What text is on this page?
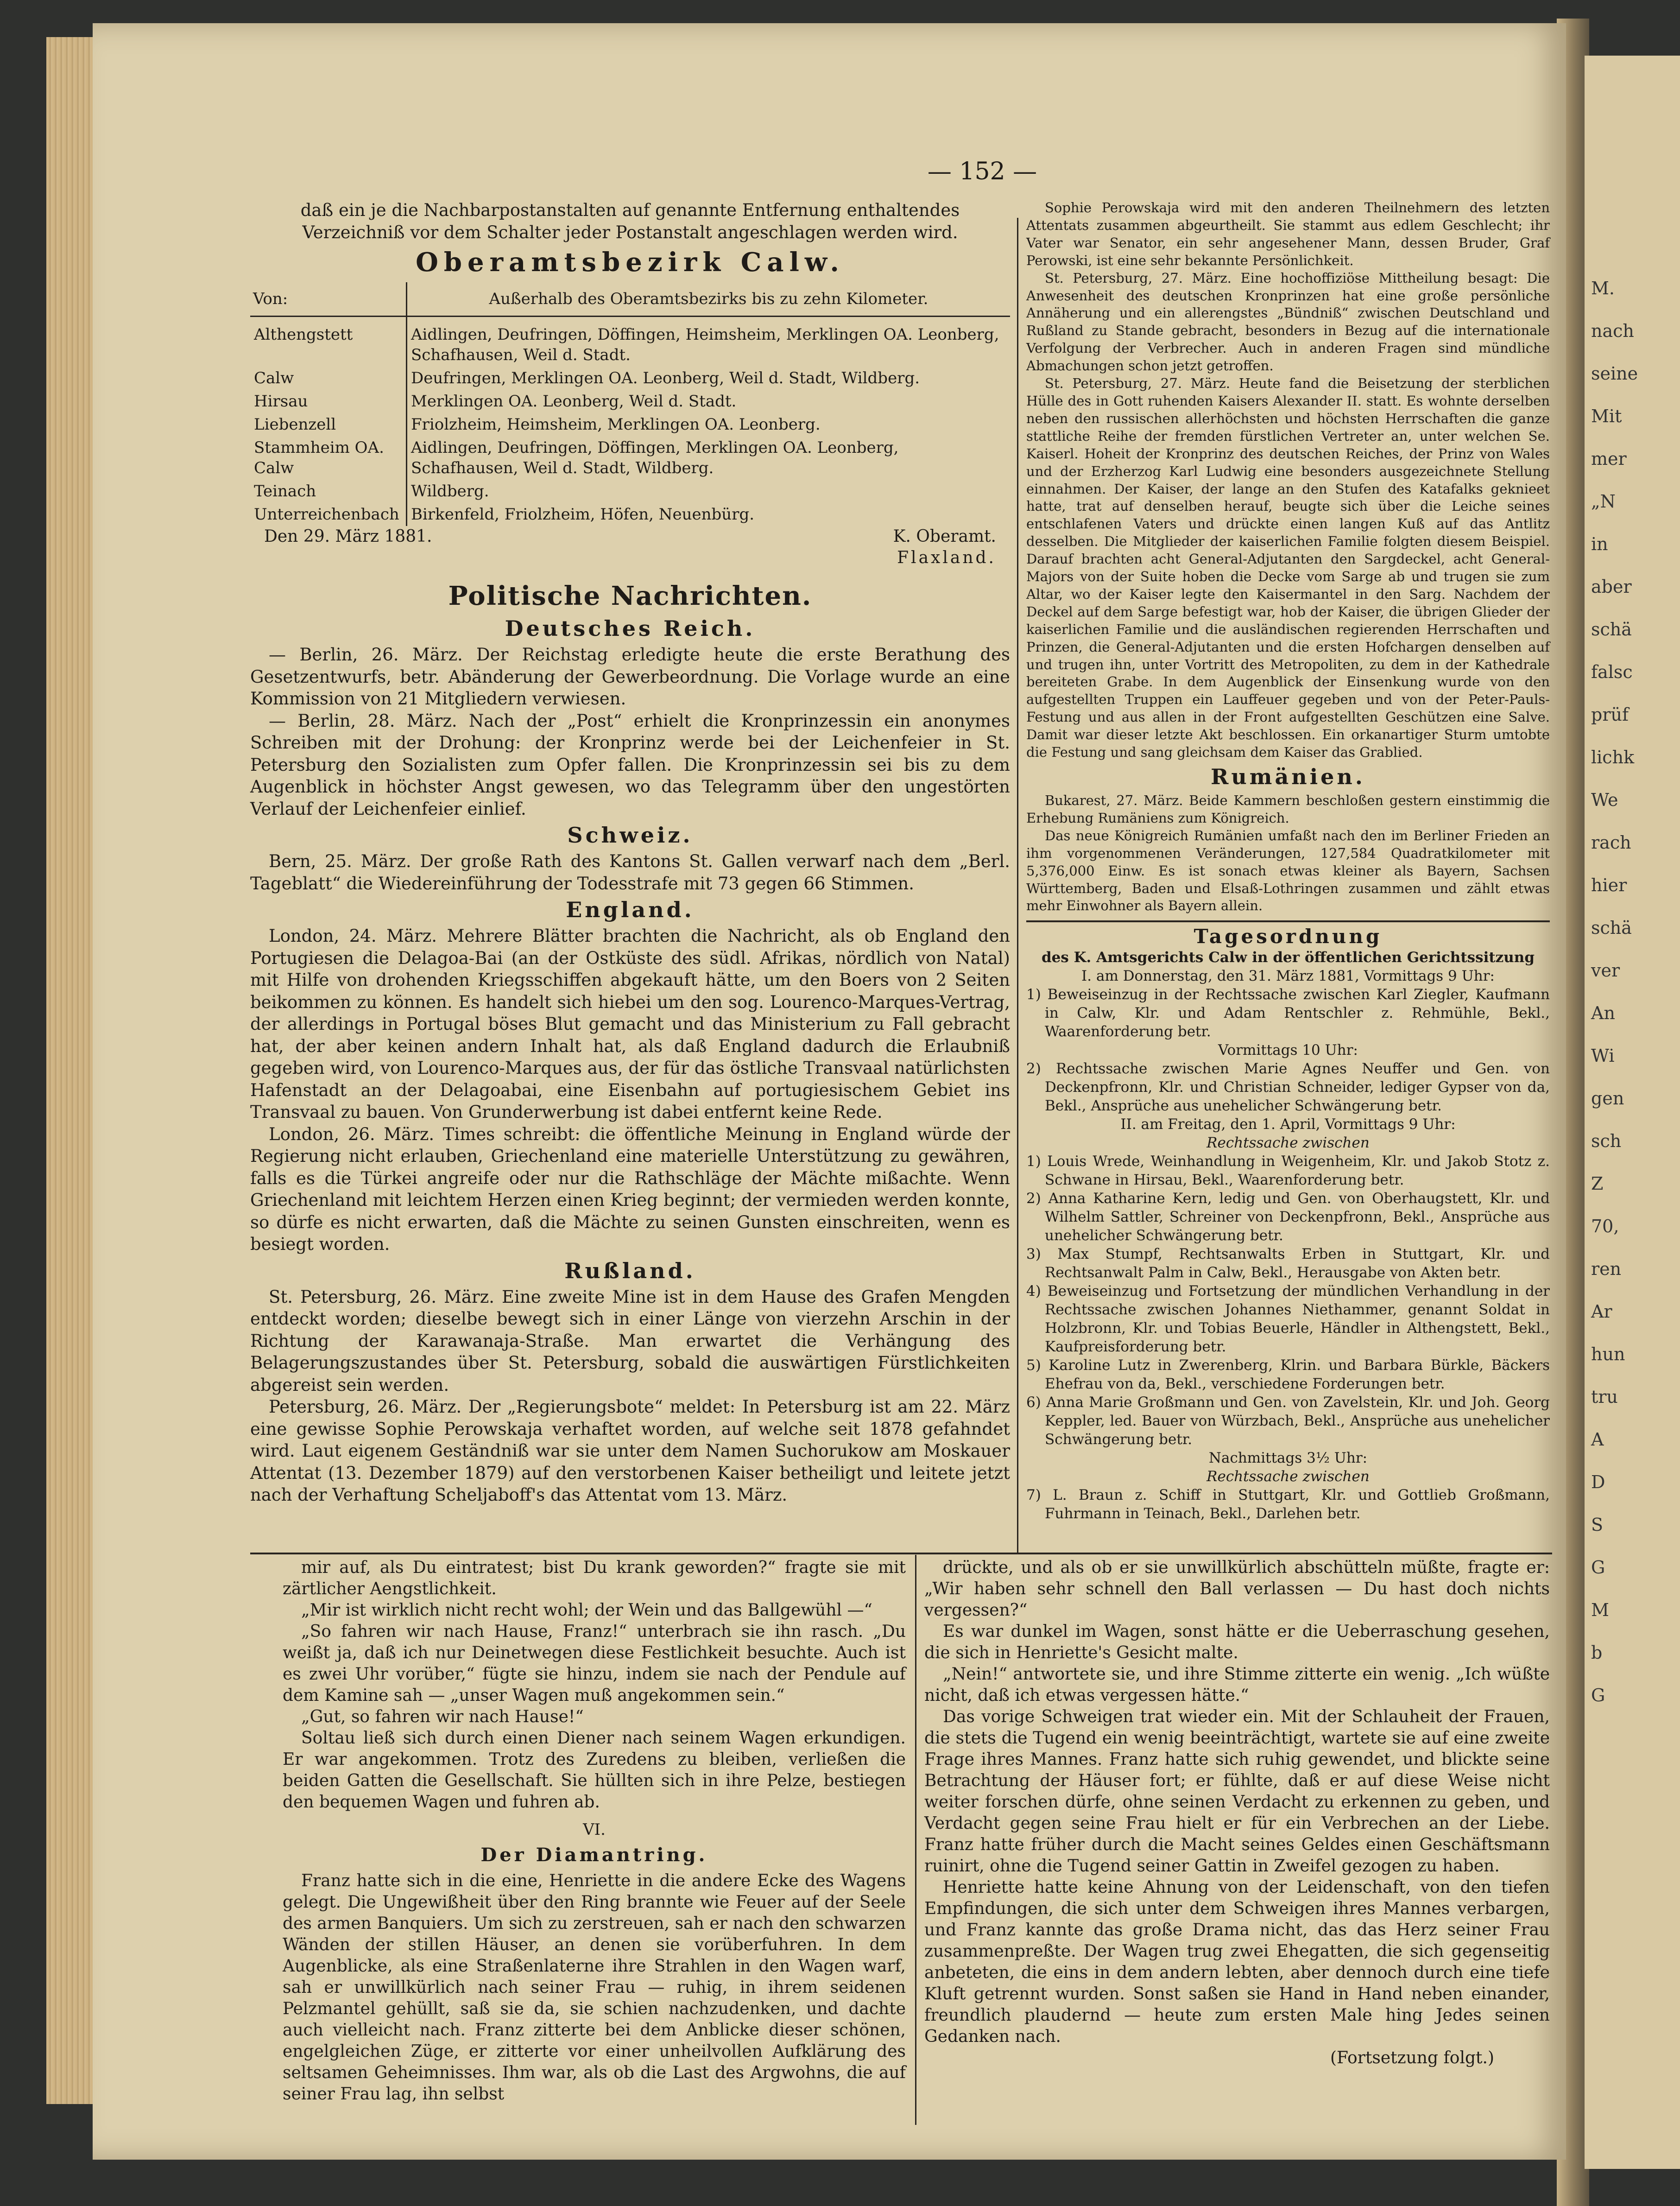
M.
nach
seine
Mit
mer
„N
in
aber
schä
falsc
prüf
lichk
We
rach
hier
schä
ver
An
Wi
gen
sch
Z
70,
ren
Ar
hun
tru
A
D
S
G
M
b
G
— 152 —

daß ein je die Nachbarpostanstalten auf genannte Entfernung enthaltendes

Verzeichniß vor dem Schalter jeder Postanstalt angeschlagen werden wird.

Oberamtsbezirk Calw.
Von:	Außerhalb des Oberamtsbezirks bis zu zehn Kilometer.
Althengstett	Aidlingen, Deufringen, Döffingen, Heimsheim, Merklingen OA. Leonberg, Schafhausen, Weil d. Stadt.
Calw	Deufringen, Merklingen OA. Leonberg, Weil d. Stadt, Wildberg.
Hirsau	Merklingen OA. Leonberg, Weil d. Stadt.
Liebenzell	Friolzheim, Heimsheim, Merklingen OA. Leonberg.
Stammheim OA. Calw	Aidlingen, Deufringen, Döffingen, Merklingen OA. Leonberg, Schafhausen, Weil d. Stadt, Wildberg.
Teinach	Wildberg.
Unterreichenbach	Birkenfeld, Friolzheim, Höfen, Neuenbürg.
Den 29. März 1881.	K. Oberamt.
Flaxland.
Politische Nachrichten.
Deutsches Reich.

— Berlin, 26. März. Der Reichstag erledigte heute die erste Berathung des Gesetzentwurfs, betr. Abänderung der Gewerbeordnung. Die Vorlage wurde an eine Kommission von 21 Mitgliedern verwiesen.

— Berlin, 28. März. Nach der „Post“ erhielt die Kronprinzessin ein anonymes Schreiben mit der Drohung: der Kronprinz werde bei der Leichenfeier in St. Petersburg den Sozialisten zum Opfer fallen. Die Kronprinzessin sei bis zu dem Augenblick in höchster Angst gewesen, wo das Telegramm über den ungestörten Verlauf der Leichenfeier einlief.

Schweiz.

Bern, 25. März. Der große Rath des Kantons St. Gallen verwarf nach dem „Berl. Tageblatt“ die Wiedereinführung der Todesstrafe mit 73 gegen 66 Stimmen.

England.

London, 24. März. Mehrere Blätter brachten die Nachricht, als ob England den Portugiesen die Delagoa-Bai (an der Ostküste des südl. Afrikas, nördlich von Natal) mit Hilfe von drohenden Kriegsschiffen abgekauft hätte, um den Boers von 2 Seiten beikommen zu können. Es handelt sich hiebei um den sog. Lourenco-Marques-Vertrag, der allerdings in Portugal böses Blut gemacht und das Ministerium zu Fall gebracht hat, der aber keinen andern Inhalt hat, als daß England dadurch die Erlaubniß gegeben wird, von Lourenco-Marques aus, der für das östliche Transvaal natürlichsten Hafenstadt an der Delagoabai, eine Eisenbahn auf portugiesischem Gebiet ins Transvaal zu bauen. Von Grunderwerbung ist dabei entfernt keine Rede.

London, 26. März. Times schreibt: die öffentliche Meinung in England würde der Regierung nicht erlauben, Griechenland eine materielle Unterstützung zu gewähren, falls es die Türkei angreife oder nur die Rathschläge der Mächte mißachte. Wenn Griechenland mit leichtem Herzen einen Krieg beginnt; der vermieden werden konnte, so dürfe es nicht erwarten, daß die Mächte zu seinen Gunsten einschreiten, wenn es besiegt worden.

Rußland.

St. Petersburg, 26. März. Eine zweite Mine ist in dem Hause des Grafen Mengden entdeckt worden; dieselbe bewegt sich in einer Länge von vierzehn Arschin in der Richtung der Karawanaja-Straße. Man erwartet die Verhängung des Belagerungszustandes über St. Petersburg, sobald die auswärtigen Fürstlichkeiten abgereist sein werden.

Petersburg, 26. März. Der „Regierungsbote“ meldet: In Petersburg ist am 22. März eine gewisse Sophie Perowskaja verhaftet worden, auf welche seit 1878 gefahndet wird. Laut eigenem Geständniß war sie unter dem Namen Suchorukow am Moskauer Attentat (13. Dezember 1879) auf den verstorbenen Kaiser betheiligt und leitete jetzt nach der Verhaftung Scheljaboff's das Attentat vom 13. März.

Sophie Perowskaja wird mit den anderen Theilnehmern des letzten Attentats zusammen abgeurtheilt. Sie stammt aus edlem Geschlecht; ihr Vater war Senator, ein sehr angesehener Mann, dessen Bruder, Graf Perowski, ist eine sehr bekannte Persönlichkeit.

St. Petersburg, 27. März. Eine hochoffiziöse Mittheilung besagt: Die Anwesenheit des deutschen Kronprinzen hat eine große persönliche Annäherung und ein allerengstes „Bündniß“ zwischen Deutschland und Rußland zu Stande gebracht, besonders in Bezug auf die internationale Verfolgung der Verbrecher. Auch in anderen Fragen sind mündliche Abmachungen schon jetzt getroffen.

St. Petersburg, 27. März. Heute fand die Beisetzung der sterblichen Hülle des in Gott ruhenden Kaisers Alexander II. statt. Es wohnte derselben neben den russischen allerhöchsten und höchsten Herrschaften die ganze stattliche Reihe der fremden fürstlichen Vertreter an, unter welchen Se. Kaiserl. Hoheit der Kronprinz des deutschen Reiches, der Prinz von Wales und der Erzherzog Karl Ludwig eine besonders ausgezeichnete Stellung einnahmen. Der Kaiser, der lange an den Stufen des Katafalks geknieet hatte, trat auf denselben herauf, beugte sich über die Leiche seines entschlafenen Vaters und drückte einen langen Kuß auf das Antlitz desselben. Die Mitglieder der kaiserlichen Familie folgten diesem Beispiel. Darauf brachten acht General-Adjutanten den Sargdeckel, acht General-Majors von der Suite hoben die Decke vom Sarge ab und trugen sie zum Altar, wo der Kaiser legte den Kaisermantel in den Sarg. Nachdem der Deckel auf dem Sarge befestigt war, hob der Kaiser, die übrigen Glieder der kaiserlichen Familie und die ausländischen regierenden Herrschaften und Prinzen, die General-Adjutanten und die ersten Hofchargen denselben auf und trugen ihn, unter Vortritt des Metropoliten, zu dem in der Kathedrale bereiteten Grabe. In dem Augenblick der Einsenkung wurde von den aufgestellten Truppen ein Lauffeuer gegeben und von der Peter-Pauls-Festung und aus allen in der Front aufgestellten Geschützen eine Salve. Damit war dieser letzte Akt beschlossen. Ein orkanartiger Sturm umtobte die Festung und sang gleichsam dem Kaiser das Grablied.

Rumänien.

Bukarest, 27. März. Beide Kammern beschloßen gestern einstimmig die Erhebung Rumäniens zum Königreich.

Das neue Königreich Rumänien umfaßt nach den im Berliner Frieden an ihm vorgenommenen Veränderungen, 127,584 Quadratkilometer mit 5,376,000 Einw. Es ist sonach etwas kleiner als Bayern, Sachsen Württemberg, Baden und Elsaß-Lothringen zusammen und zählt etwas mehr Einwohner als Bayern allein.

Tagesordnung

des K. Amtsgerichts Calw in der öffentlichen Gerichtssitzung

I. am Donnerstag, den 31. März 1881, Vormittags 9 Uhr:

1) Beweiseinzug in der Rechtssache zwischen Karl Ziegler, Kaufmann in Calw, Klr. und Adam Rentschler z. Rehmühle, Bekl., Waarenforderung betr.

Vormittags 10 Uhr:

2) Rechtssache zwischen Marie Agnes Neuffer und Gen. von Deckenpfronn, Klr. und Christian Schneider, lediger Gypser von da, Bekl., Ansprüche aus unehelicher Schwängerung betr.

II. am Freitag, den 1. April, Vormittags 9 Uhr:

Rechtssache zwischen

1) Louis Wrede, Weinhandlung in Weigenheim, Klr. und Jakob Stotz z. Schwane in Hirsau, Bekl., Waarenforderung betr.

2) Anna Katharine Kern, ledig und Gen. von Oberhaugstett, Klr. und Wilhelm Sattler, Schreiner von Deckenpfronn, Bekl., Ansprüche aus unehelicher Schwängerung betr.

3) Max Stumpf, Rechtsanwalts Erben in Stuttgart, Klr. und Rechtsanwalt Palm in Calw, Bekl., Herausgabe von Akten betr.

4) Beweiseinzug und Fortsetzung der mündlichen Verhandlung in der Rechtssache zwischen Johannes Niethammer, genannt Soldat in Holzbronn, Klr. und Tobias Beuerle, Händler in Althengstett, Bekl., Kaufpreisforderung betr.

5) Karoline Lutz in Zwerenberg, Klrin. und Barbara Bürkle, Bäckers Ehefrau von da, Bekl., verschiedene Forderungen betr.

6) Anna Marie Großmann und Gen. von Zavelstein, Klr. und Joh. Georg Keppler, led. Bauer von Würzbach, Bekl., Ansprüche aus unehelicher Schwängerung betr.

Nachmittags 3½ Uhr:

Rechtssache zwischen

7) L. Braun z. Schiff in Stuttgart, Klr. und Gottlieb Großmann, Fuhrmann in Teinach, Bekl., Darlehen betr.

mir auf, als Du eintratest; bist Du krank geworden?“ fragte sie mit zärtlicher Aengstlichkeit.

„Mir ist wirklich nicht recht wohl; der Wein und das Ballgewühl —“

„So fahren wir nach Hause, Franz!“ unterbrach sie ihn rasch. „Du weißt ja, daß ich nur Deinetwegen diese Festlichkeit besuchte. Auch ist es zwei Uhr vorüber,“ fügte sie hinzu, indem sie nach der Pendule auf dem Kamine sah — „unser Wagen muß angekommen sein.“

„Gut, so fahren wir nach Hause!“

Soltau ließ sich durch einen Diener nach seinem Wagen erkundigen. Er war angekommen. Trotz des Zuredens zu bleiben, verließen die beiden Gatten die Gesellschaft. Sie hüllten sich in ihre Pelze, bestiegen den bequemen Wagen und fuhren ab.

VI.
Der Diamantring.

Franz hatte sich in die eine, Henriette in die andere Ecke des Wagens gelegt. Die Ungewißheit über den Ring brannte wie Feuer auf der Seele des armen Banquiers. Um sich zu zerstreuen, sah er nach den schwarzen Wänden der stillen Häuser, an denen sie vorüberfuhren. In dem Augenblicke, als eine Straßenlaterne ihre Strahlen in den Wagen warf, sah er unwillkürlich nach seiner Frau — ruhig, in ihrem seidenen Pelzmantel gehüllt, saß sie da, sie schien nachzudenken, und dachte auch vielleicht nach. Franz zitterte bei dem Anblicke dieser schönen, engelgleichen Züge, er zitterte vor einer unheilvollen Aufklärung des seltsamen Geheimnisses. Ihm war, als ob die Last des Argwohns, die auf seiner Frau lag, ihn selbst

drückte, und als ob er sie unwillkürlich abschütteln müßte, fragte er: „Wir haben sehr schnell den Ball verlassen — Du hast doch nichts vergessen?“

Es war dunkel im Wagen, sonst hätte er die Ueberraschung gesehen, die sich in Henriette's Gesicht malte.

„Nein!“ antwortete sie, und ihre Stimme zitterte ein wenig. „Ich wüßte nicht, daß ich etwas vergessen hätte.“

Das vorige Schweigen trat wieder ein. Mit der Schlauheit der Frauen, die stets die Tugend ein wenig beeinträchtigt, wartete sie auf eine zweite Frage ihres Mannes. Franz hatte sich ruhig gewendet, und blickte seine Betrachtung der Häuser fort; er fühlte, daß er auf diese Weise nicht weiter forschen dürfe, ohne seinen Verdacht zu erkennen zu geben, und Verdacht gegen seine Frau hielt er für ein Verbrechen an der Liebe. Franz hatte früher durch die Macht seines Geldes einen Geschäftsmann ruinirt, ohne die Tugend seiner Gattin in Zweifel gezogen zu haben.

Henriette hatte keine Ahnung von der Leidenschaft, von den tiefen Empfindungen, die sich unter dem Schweigen ihres Mannes verbargen, und Franz kannte das große Drama nicht, das das Herz seiner Frau zusammenpreßte. Der Wagen trug zwei Ehegatten, die sich gegenseitig anbeteten, die eins in dem andern lebten, aber dennoch durch eine tiefe Kluft getrennt wurden. Sonst saßen sie Hand in Hand neben einander, freundlich plaudernd — heute zum ersten Male hing Jedes seinen Gedanken nach.

(Fortsetzung folgt.)
